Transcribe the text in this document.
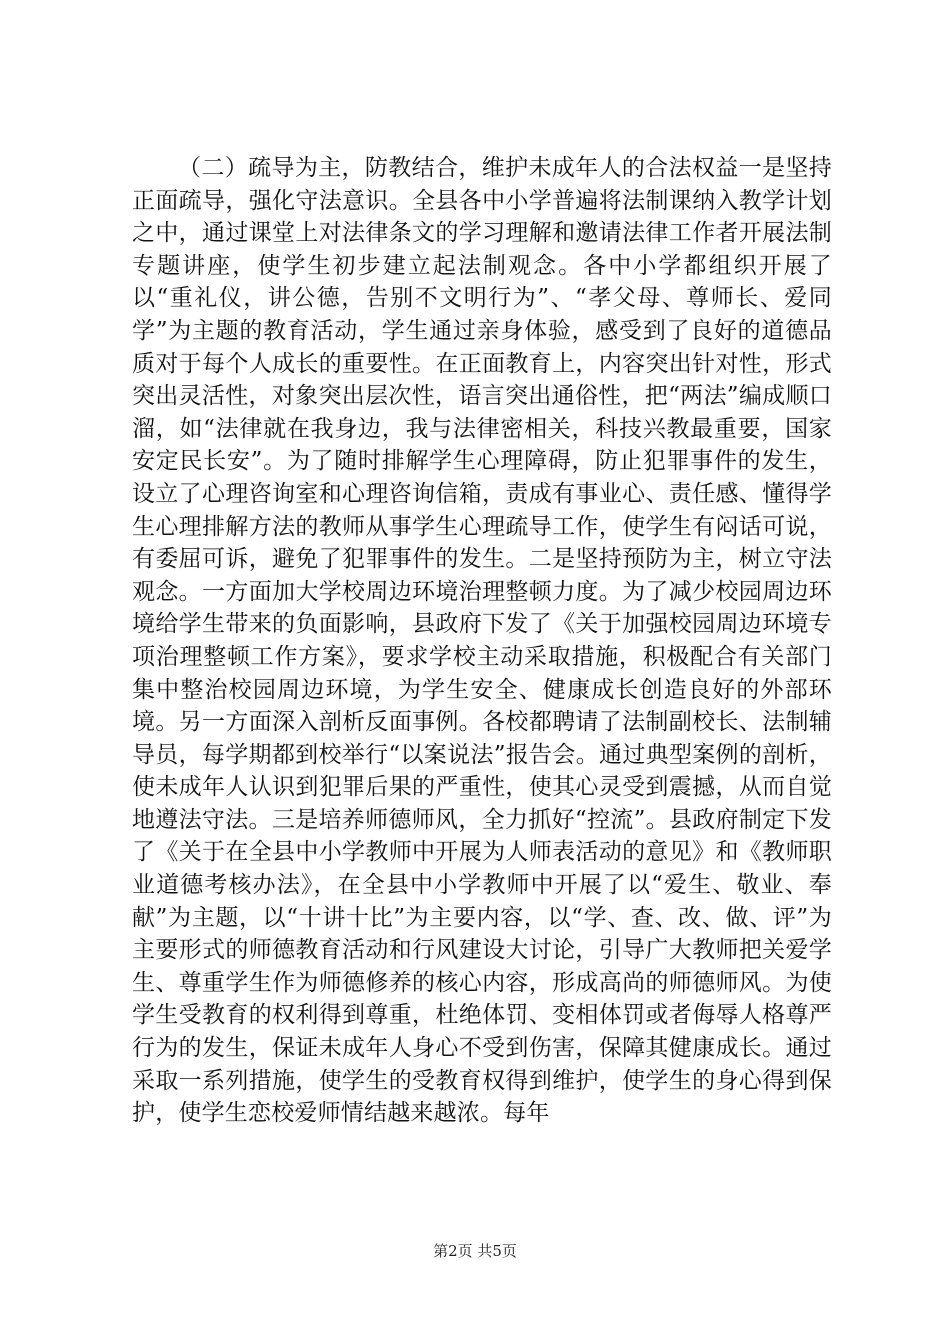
（二）疏导为主，防教结合，维护未成年人的合法权益一是坚持正面疏导，强化守法意识。全县各中小学普遍将法制课纳入教学计划之中，通过课堂上对法律条文的学习理解和邀请法律工作者开展法制专题讲座，使学生初步建立起法制观念。各中小学都组织开展了以“重礼仪，讲公德，告别不文明行为”、“孝父母、尊师长、爱同学”为主题的教育活动，学生通过亲身体验，感受到了良好的道德品质对于每个人成长的重要性。在正面教育上，内容突出针对性，形式突出灵活性，对象突出层次性，语言突出通俗性，把“两法”编成顺口溜，如“法律就在我身边，我与法律密相关，科技兴教最重要，国家安定民长安”。为了随时排解学生心理障碍，防止犯罪事件的发生，设立了心理咨询室和心理咨询信箱，责成有事业心、责任感、懂得学生心理排解方法的教师从事学生心理疏导工作，使学生有闷话可说，有委屈可诉，避免了犯罪事件的发生。二是坚持预防为主，树立守法观念。一方面加大学校周边环境治理整顿力度。为了减少校园周边环境给学生带来的负面影响，县政府下发了《关于加强校园周边环境专项治理整顿工作方案》，要求学校主动采取措施，积极配合有关部门集中整治校园周边环境，为学生安全、健康成长创造良好的外部环境。另一方面深入剖析反面事例。各校都聘请了法制副校长、法制辅导员，每学期都到校举行“以案说法”报告会。通过典型案例的剖析，使未成年人认识到犯罪后果的严重性，使其心灵受到震撼，从而自觉地遵法守法。三是培养师德师风，全力抓好“控流”。县政府制定下发了《关于在全县中小学教师中开展为人师表活动的意见》和《教师职业道德考核办法》，在全县中小学教师中开展了以“爱生、敬业、奉献”为主题，以“十讲十比”为主要内容，以“学、查、改、做、评”为主要形式的师德教育活动和行风建设大讨论，引导广大教师把关爱学生、尊重学生作为师德修养的核心内容，形成高尚的师德师风。为使学生受教育的权利得到尊重，杜绝体罚、变相体罚或者侮辱人格尊严行为的发生，保证未成年人身心不受到伤害，保障其健康成长。通过采取一系列措施，使学生的受教育权得到维护，使学生的身心得到保护，使学生恋校爱师情结越来越浓。每年

第2页 共5页
